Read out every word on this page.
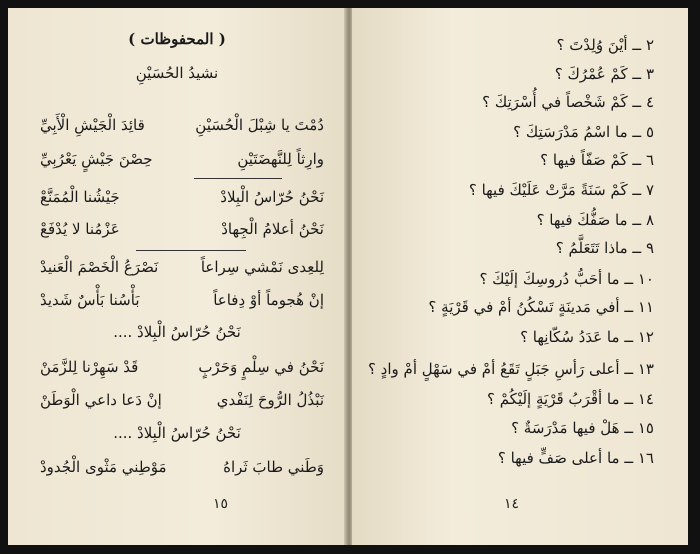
( المحفوظات )
نشيدُ الحُسَيْنِ
دُمْتَ يا شِبْلَ الْحُسَيْنِ
قائِدَ الْجَيْشِ الْأَبِيِّ
وارِثاً لِلنَّهضَتَيْنِ
حِصْنَ جَيْشٍ يَعْرُبِيِّ
نَحْنُ حُرّاسُ الْبِلادْ
جَيْشُنا الْمُمَنَّعْ
نَحْنُ أعلامُ الْجِهادْ
عَزْمُنا لا يُدْفَعْ
لِلعِدى نَمْشي سِراعاً
نَصْرَعُ الْخَصْمَ الْعَنيدْ
إنْ هُجوماً أوْ دِفاعاً
بَأْسُنا بَأْسٌ شَديدْ
نَحْنُ حُرّاسُ الْبِلادْ ....
نَحْنُ في سِلْمٍ وَحَرْبٍ
قَدْ سَهِرْنا لِلزَّمَنْ
نَبْذُلُ الرُّوحَ لِنَفْدي
إنْ دَعا داعي الْوَطَنْ
نَحْنُ حُرّاسُ الْبِلادْ ....
وَطَني طابَ ثَراهُ
مَوْطِني مَثْوى الْجُدودْ
١٥
٢ ــ أيْنَ وُلِدْتَ ؟
٣ ــ كَمْ عُمْرُكَ ؟
٤ ــ كَمْ شَخْصاً في أُسْرَتِكَ ؟
٥ ــ ما اسْمُ مَدْرَسَتِكَ ؟
٦ ــ كَمْ صَفّاً فيها ؟
٧ ــ كَمْ سَنَةً مَرَّتْ عَلَيْكَ فيها ؟
٨ ــ ما صَفُّكَ فيها ؟
٩ ــ ماذا تَتَعَلَّمُ ؟
١٠ ــ ما أحَبُّ دُروسِكَ إلَيْكَ ؟
١١ ــ أفي مَدينَةٍ تَسْكُنُ أمْ في قَرْيَةٍ ؟
١٢ ــ ما عَدَدُ سُكّانِها ؟
١٣ ــ أعلى رَأسِ جَبَلٍ تَقَعُ أمْ في سَهْلٍ أمْ وادٍ ؟
١٤ ــ ما أقْرَبُ قَرْيَةٍ إلَيْكُمْ ؟
١٥ ــ هَلْ فيها مَدْرَسَةٌ ؟
١٦ ــ ما أعلى صَفٍّ فيها ؟
١٤
